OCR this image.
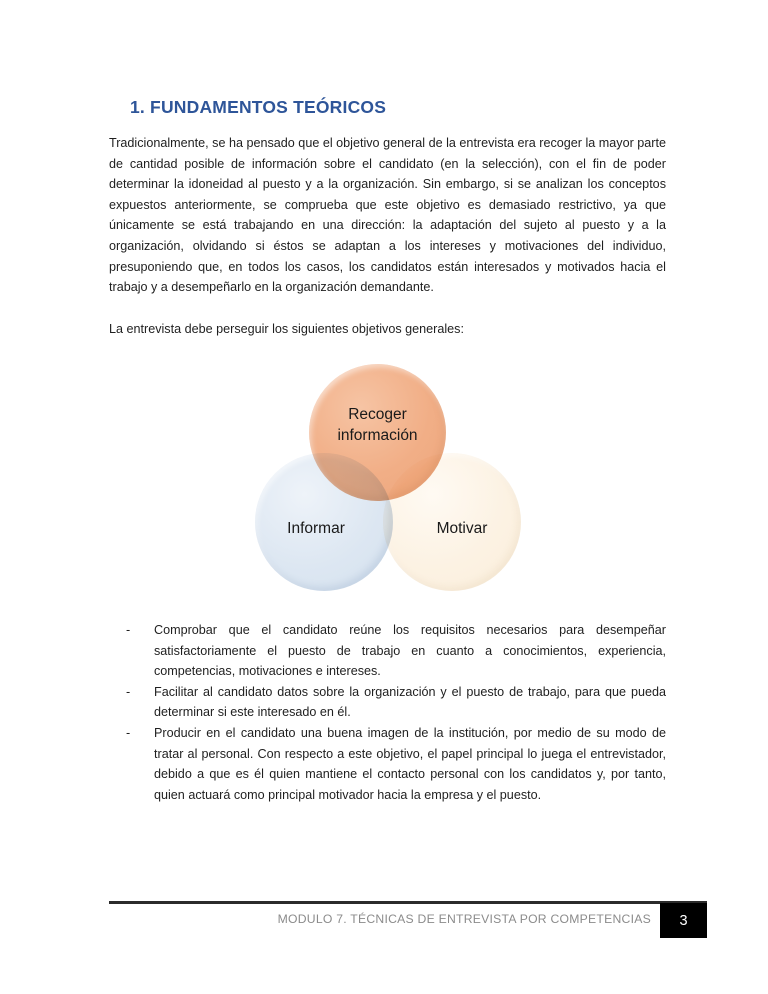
1. FUNDAMENTOS TEÓRICOS

Tradicionalmente, se ha pensado que el objetivo general de la entrevista era recoger la mayor parte de cantidad posible de información sobre el candidato (en la selección), con el fin de poder determinar la idoneidad al puesto y a la organización. Sin embargo, si se analizan los conceptos expuestos anteriormente, se comprueba que este objetivo es demasiado restrictivo, ya que únicamente se está trabajando en una dirección: la adaptación del sujeto al puesto y a la organización, olvidando si éstos se adaptan a los intereses y motivaciones del individuo, presuponiendo que, en todos los casos, los candidatos están interesados y motivados hacia el trabajo y a desempeñarlo en la organización demandante.

La entrevista debe perseguir los siguientes objetivos generales:

Informar	Motivar
Recoger
información
-	Comprobar que el candidato reúne los requisitos necesarios para desempeñar satisfactoriamente el puesto de trabajo en cuanto a conocimientos, experiencia, competencias, motivaciones e intereses.
-	Facilitar al candidato datos sobre la organización y el puesto de trabajo, para que pueda determinar si este interesado en él.
-	Producir en el candidato una buena imagen de la institución, por medio de su modo de tratar al personal. Con respecto a este objetivo, el papel principal lo juega el entrevistador, debido a que es él quien mantiene el contacto personal con los candidatos y, por tanto, quien actuará como principal motivador hacia la empresa y el puesto.
MODULO 7. TÉCNICAS DE ENTREVISTA POR COMPETENCIAS	3
